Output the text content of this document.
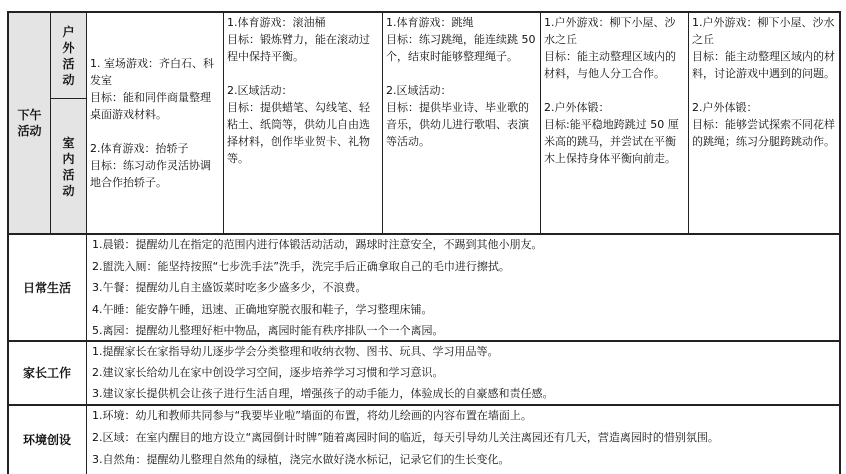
下午活动
户外活动
室内活动
1. 室场游戏：齐白石、科发室
目标：能和同伴商量整理桌面游戏材料。

2.体育游戏：抬轿子
目标：练习动作灵活协调地合作抬轿子。
1.体育游戏：滚油桶
目标：锻炼臂力，能在滚动过程中保持平衡。

2.区域活动：
目标：提供蜡笔、勾线笔、轻粘土、纸筒等，供幼儿自由选择材料，创作毕业贺卡、礼物等。
1.体育游戏：跳绳
目标：练习跳绳，能连续跳 50 个，结束时能够整理绳子。

2.区域活动：
目标：提供毕业诗、毕业歌的音乐，供幼儿进行歌唱、表演等活动。
1.户外游戏：柳下小屋、沙水之丘
目标：能主动整理区域内的材料，与他人分工合作。

2.户外体锻：
目标:能平稳地跨跳过 50 厘米高的跳马，并尝试在平衡木上保持身体平衡向前走。
1.户外游戏：柳下小屋、沙水之丘
目标：能主动整理区域内的材料，讨论游戏中遇到的问题。

2.户外体锻：
目标：能够尝试探索不同花样的跳绳；练习分腿跨跳动作。
日常生活

1.晨锻：提醒幼儿在指定的范围内进行体锻活动活动，踢球时注意安全，不踢到其他小朋友。

2.盥洗入厕：能坚持按照“七步洗手法”洗手，洗完手后正确拿取自己的毛巾进行擦拭。

3.午餐：提醒幼儿自主盛饭菜时吃多少盛多少，不浪费。

4.午睡：能安静午睡，迅速、正确地穿脱衣服和鞋子，学习整理床铺。

5.离园：提醒幼儿整理好柜中物品，离园时能有秩序排队一个一个离园。

家长工作

1.提醒家长在家指导幼儿逐步学会分类整理和收纳衣物、图书、玩具、学习用品等。

2.建议家长给幼儿在家中创设学习空间，逐步培养学习习惯和学习意识。

3.建议家长提供机会让孩子进行生活自理，增强孩子的动手能力，体验成长的自豪感和责任感。

环境创设

1.环境：幼儿和教师共同参与“我要毕业啦”墙面的布置，将幼儿绘画的内容布置在墙面上。

2.区域：在室内醒目的地方设立“离园倒计时牌”随着离园时间的临近，每天引导幼儿关注离园还有几天，营造离园时的惜别氛围。

3.自然角：提醒幼儿整理自然角的绿植，浇完水做好浇水标记，记录它们的生长变化。
